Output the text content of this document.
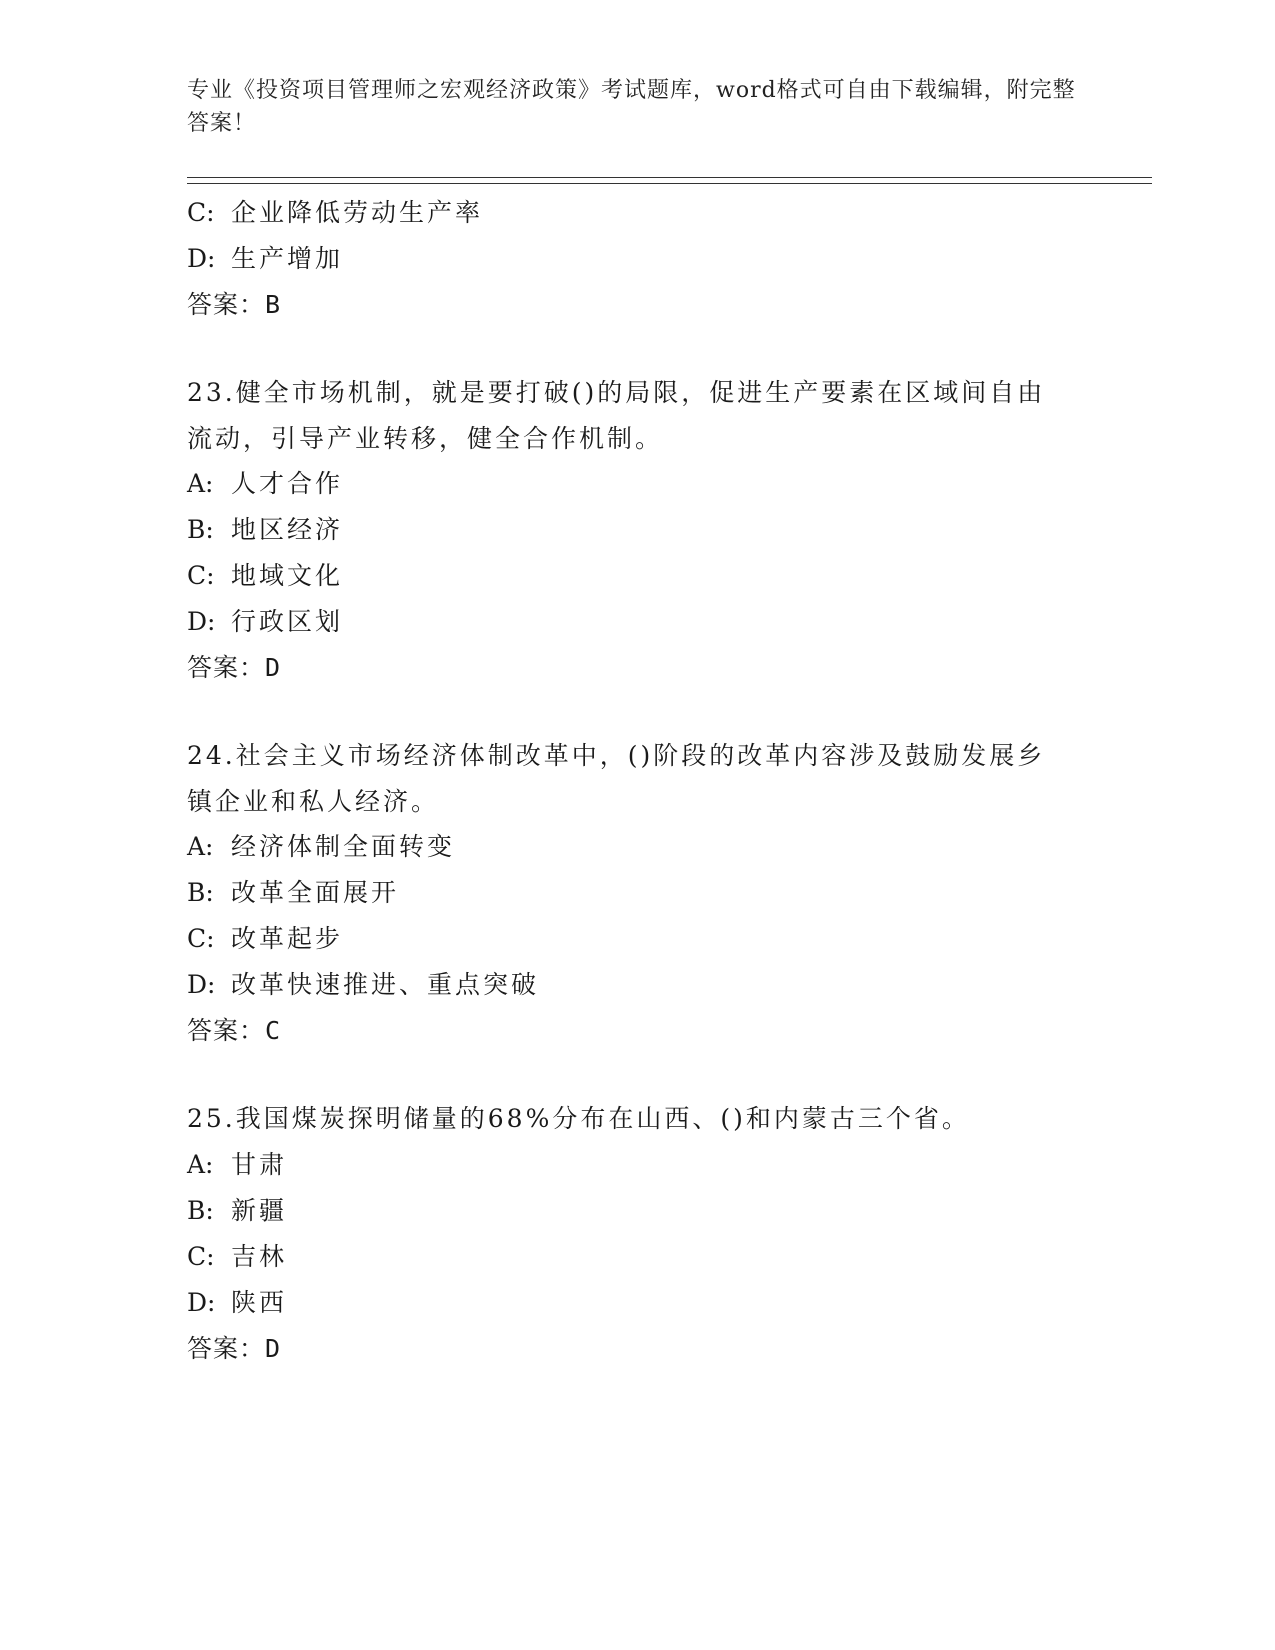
专业《投资项目管理师之宏观经济政策》考试题库，word格式可自由下载编辑，附完整答案！
C: 企业降低劳动生产率
D: 生产增加
答案：B
23.健全市场机制，就是要打破()的局限，促进生产要素在区域间自由流动，引导产业转移，健全合作机制。
A: 人才合作
B: 地区经济
C: 地域文化
D: 行政区划
答案：D
24.社会主义市场经济体制改革中，()阶段的改革内容涉及鼓励发展乡镇企业和私人经济。
A: 经济体制全面转变
B: 改革全面展开
C: 改革起步
D: 改革快速推进、重点突破
答案：C
25.我国煤炭探明储量的68%分布在山西、()和内蒙古三个省。
A: 甘肃
B: 新疆
C: 吉林
D: 陕西
答案：D
